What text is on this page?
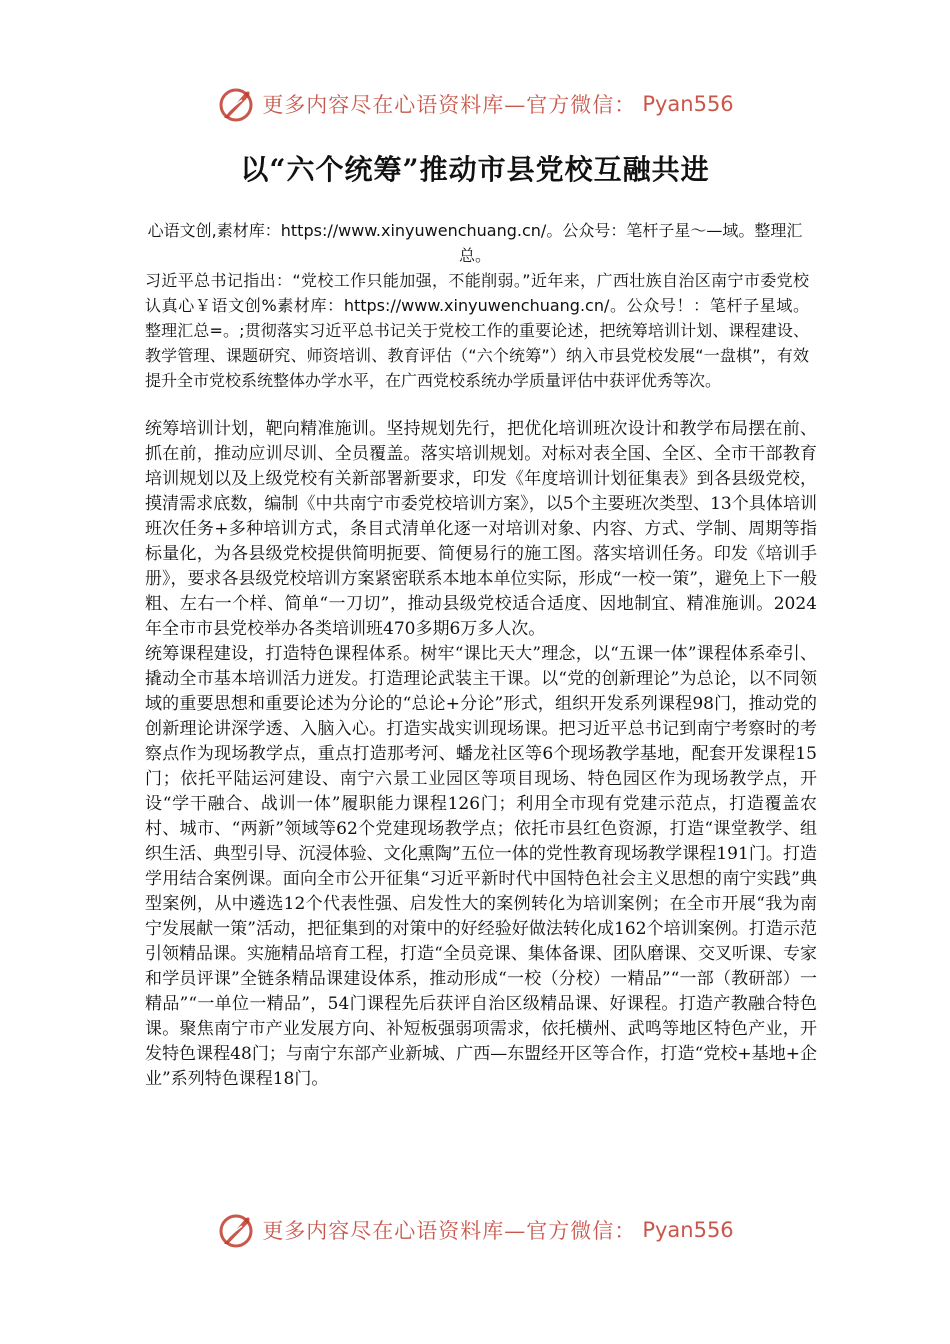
更多内容尽在心语资料库—官方微信： Pyan556
以“六个统筹”推动市县党校互融共进
心语文创,素材库：https://www.xinyuwenchuang.cn/。公众号：笔杆子星～—域。整理汇总。
习近平总书记指出：“党校工作只能加强，不能削弱。”近年来，广西壮族自治区南宁市委党校认真心￥语文创%素材库：https://www.xinyuwenchuang.cn/。公众号！：笔杆子星域。整理汇总=。;贯彻落实习近平总书记关于党校工作的重要论述，把统筹培训计划、课程建设、教学管理、课题研究、师资培训、教育评估（“六个统筹”）纳入市县党校发展“一盘棋”，有效提升全市党校系统整体办学水平，在广西党校系统办学质量评估中获评优秀等次。

统筹培训计划，靶向精准施训。坚持规划先行，把优化培训班次设计和教学布局摆在前、抓在前，推动应训尽训、全员覆盖。落实培训规划。对标对表全国、全区、全市干部教育培训规划以及上级党校有关新部署新要求，印发《年度培训计划征集表》到各县级党校，摸清需求底数，编制《中共南宁市委党校培训方案》，以5个主要班次类型、13个具体培训班次任务+多种培训方式，条目式清单化逐一对培训对象、内容、方式、学制、周期等指标量化，为各县级党校提供简明扼要、简便易行的施工图。落实培训任务。印发《培训手册》，要求各县级党校培训方案紧密联系本地本单位实际，形成“一校一策”，避免上下一般粗、左右一个样、简单“一刀切”，推动县级党校适合适度、因地制宜、精准施训。2024年全市市县党校举办各类培训班470多期6万多人次。

统筹课程建设，打造特色课程体系。树牢“课比天大”理念，以“五课一体”课程体系牵引、撬动全市基本培训活力迸发。打造理论武装主干课。以“党的创新理论”为总论，以不同领域的重要思想和重要论述为分论的“总论+分论”形式，组织开发系列课程98门，推动党的创新理论讲深学透、入脑入心。打造实战实训现场课。把习近平总书记到南宁考察时的考察点作为现场教学点，重点打造那考河、蟠龙社区等6个现场教学基地，配套开发课程15门；依托平陆运河建设、南宁六景工业园区等项目现场、特色园区作为现场教学点，开设“学干融合、战训一体”履职能力课程126门；利用全市现有党建示范点，打造覆盖农村、城市、“两新”领域等62个党建现场教学点；依托市县红色资源，打造“课堂教学、组织生活、典型引导、沉浸体验、文化熏陶”五位一体的党性教育现场教学课程191门。打造学用结合案例课。面向全市公开征集“习近平新时代中国特色社会主义思想的南宁实践”典型案例，从中遴选12个代表性强、启发性大的案例转化为培训案例；在全市开展“我为南宁发展献一策”活动，把征集到的对策中的好经验好做法转化成162个培训案例。打造示范引领精品课。实施精品培育工程，打造“全员竞课、集体备课、团队磨课、交叉听课、专家和学员评课”全链条精品课建设体系，推动形成“一校（分校）一精品”“一部（教研部）一精品”“一单位一精品”，54门课程先后获评自治区级精品课、好课程。打造产教融合特色课。聚焦南宁市产业发展方向、补短板强弱项需求，依托横州、武鸣等地区特色产业，开发特色课程48门；与南宁东部产业新城、广西—东盟经开区等合作，打造“党校+基地+企业”系列特色课程18门。

更多内容尽在心语资料库—官方微信： Pyan556
